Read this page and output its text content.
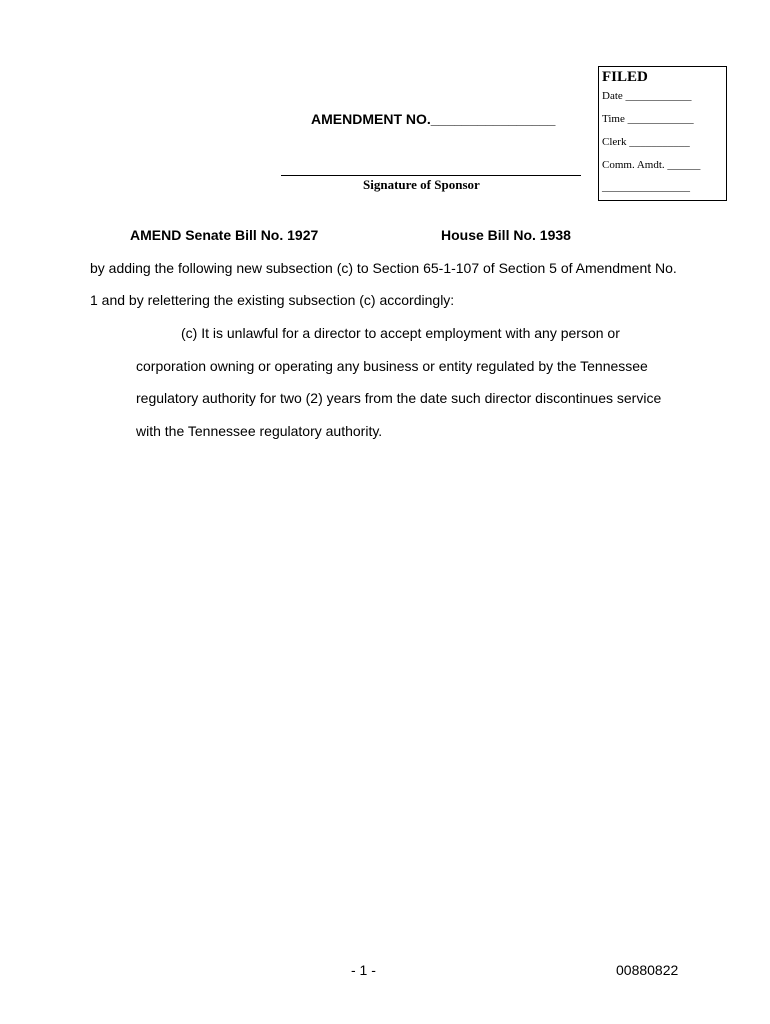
FILED
Date ____________
Time ____________
Clerk ___________
Comm. Amdt. ______
________________
AMENDMENT NO.________________
Signature of Sponsor
AMEND Senate Bill No. 1927	House Bill No. 1938
by adding the following new subsection (c) to Section 65-1-107 of Section 5 of Amendment No.
1 and by relettering the existing subsection (c) accordingly:
(c) It is unlawful for a director to accept employment with any person or
corporation owning or operating any business or entity regulated by the Tennessee
regulatory authority for two (2) years from the date such director discontinues service
with the Tennessee regulatory authority.
- 1 -	00880822
